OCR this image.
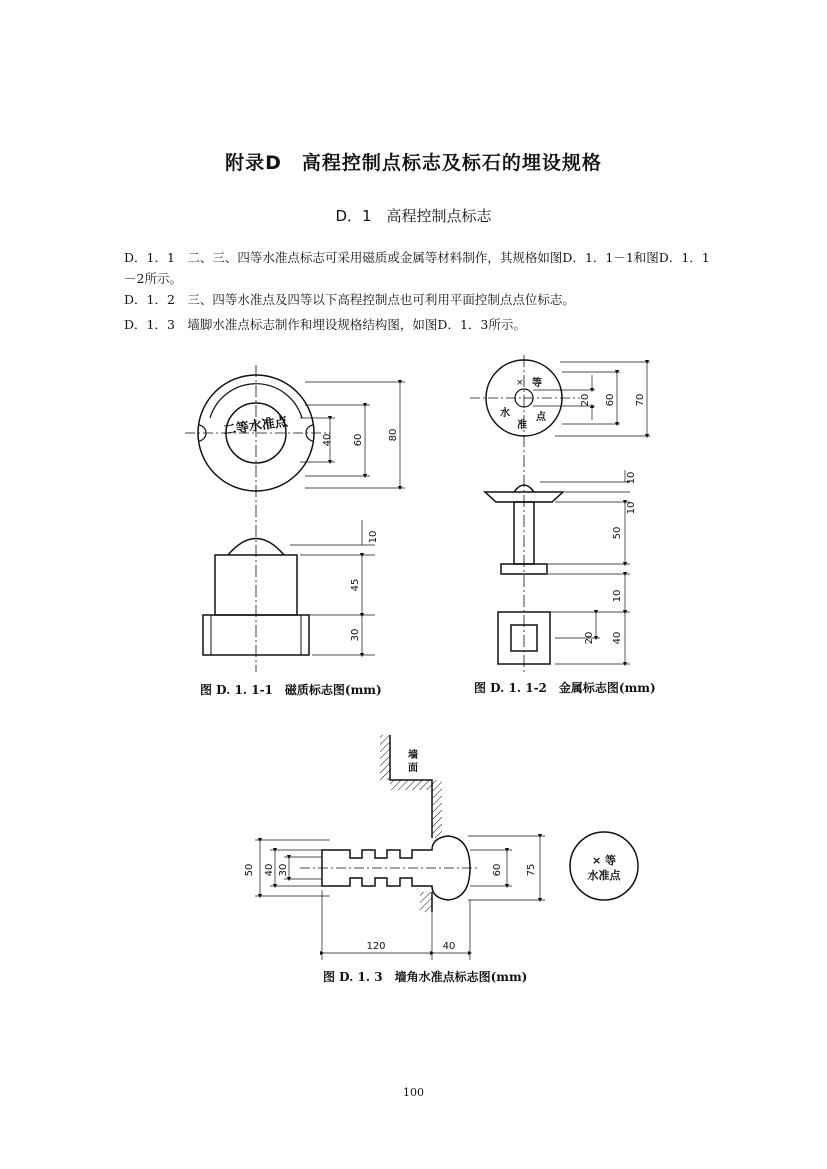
附录D　高程控制点标志及标石的埋设规格
D．1　高程控制点标志
D．1．1　二、三、四等水准点标志可采用磁质或金属等材料制作，其规格如图D．1．1－1和图D．1．1－2所示。
D．1．2　三、四等水准点及四等以下高程控制点也可利用平面控制点点位标志。
D．1．3　墙脚水准点标志制作和埋设规格结构图，如图D．1．3所示。
40 60 80
10
45
30
二等水准点
图 D. 1. 1-1　磁质标志图(mm)
× 等
水
准
点
20 60 70
10
10
50
10
20 40
图 D. 1. 1-2　金属标志图(mm)
墙
面
× 等
水准点
50 40 30	60 75
120	40
图 D. 1. 3　墙角水准点标志图(mm)
100
